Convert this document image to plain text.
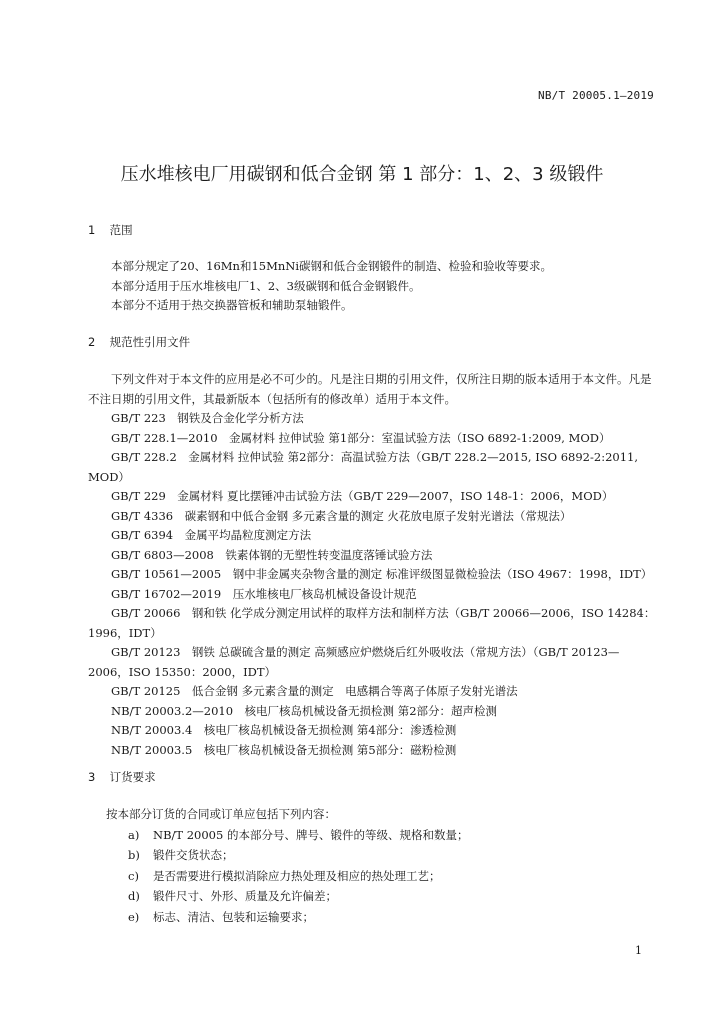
NB/T 20005.1—2019
压水堆核电厂用碳钢和低合金钢 第 1 部分：1、2、3 级锻件
1 范围

本部分规定了20、16Mn和15MnNi碳钢和低合金钢锻件的制造、检验和验收等要求。

本部分适用于压水堆核电厂1、2、3级碳钢和低合金钢锻件。

本部分不适用于热交换器管板和辅助泵轴锻件。

2 规范性引用文件

下列文件对于本文件的应用是必不可少的。凡是注日期的引用文件，仅所注日期的版本适用于本文件。凡是不注日期的引用文件，其最新版本（包括所有的修改单）适用于本文件。

GB/T 223　钢铁及合金化学分析方法

GB/T 228.1—2010　金属材料 拉伸试验 第1部分：室温试验方法（ISO 6892-1:2009, MOD）

GB/T 228.2　金属材料 拉伸试验 第2部分：高温试验方法（GB/T 228.2—2015, ISO 6892-2:2011, MOD）

GB/T 229　金属材料 夏比摆锤冲击试验方法（GB/T 229—2007，ISO 148-1：2006，MOD）

GB/T 4336　碳素钢和中低合金钢 多元素含量的测定 火花放电原子发射光谱法（常规法）

GB/T 6394　金属平均晶粒度测定方法

GB/T 6803—2008　铁素体钢的无塑性转变温度落锤试验方法

GB/T 10561—2005　钢中非金属夹杂物含量的测定 标准评级图显微检验法（ISO 4967：1998，IDT）

GB/T 16702—2019　压水堆核电厂核岛机械设备设计规范

GB/T 20066　钢和铁 化学成分测定用试样的取样方法和制样方法（GB/T 20066—2006，ISO 14284：1996，IDT）

GB/T 20123　钢铁 总碳硫含量的测定 高频感应炉燃烧后红外吸收法（常规方法）（GB/T 20123—2006，ISO 15350：2000，IDT）

GB/T 20125　低合金钢 多元素含量的测定　电感耦合等离子体原子发射光谱法

NB/T 20003.2—2010　核电厂核岛机械设备无损检测 第2部分：超声检测

NB/T 20003.4　核电厂核岛机械设备无损检测 第4部分：渗透检测

NB/T 20003.5　核电厂核岛机械设备无损检测 第5部分：磁粉检测

3 订货要求

按本部分订货的合同或订单应包括下列内容：

a) NB/T 20005 的本部分号、牌号、锻件的等级、规格和数量；

b) 锻件交货状态；

c) 是否需要进行模拟消除应力热处理及相应的热处理工艺；

d) 锻件尺寸、外形、质量及允许偏差；

e) 标志、清洁、包装和运输要求；

1
